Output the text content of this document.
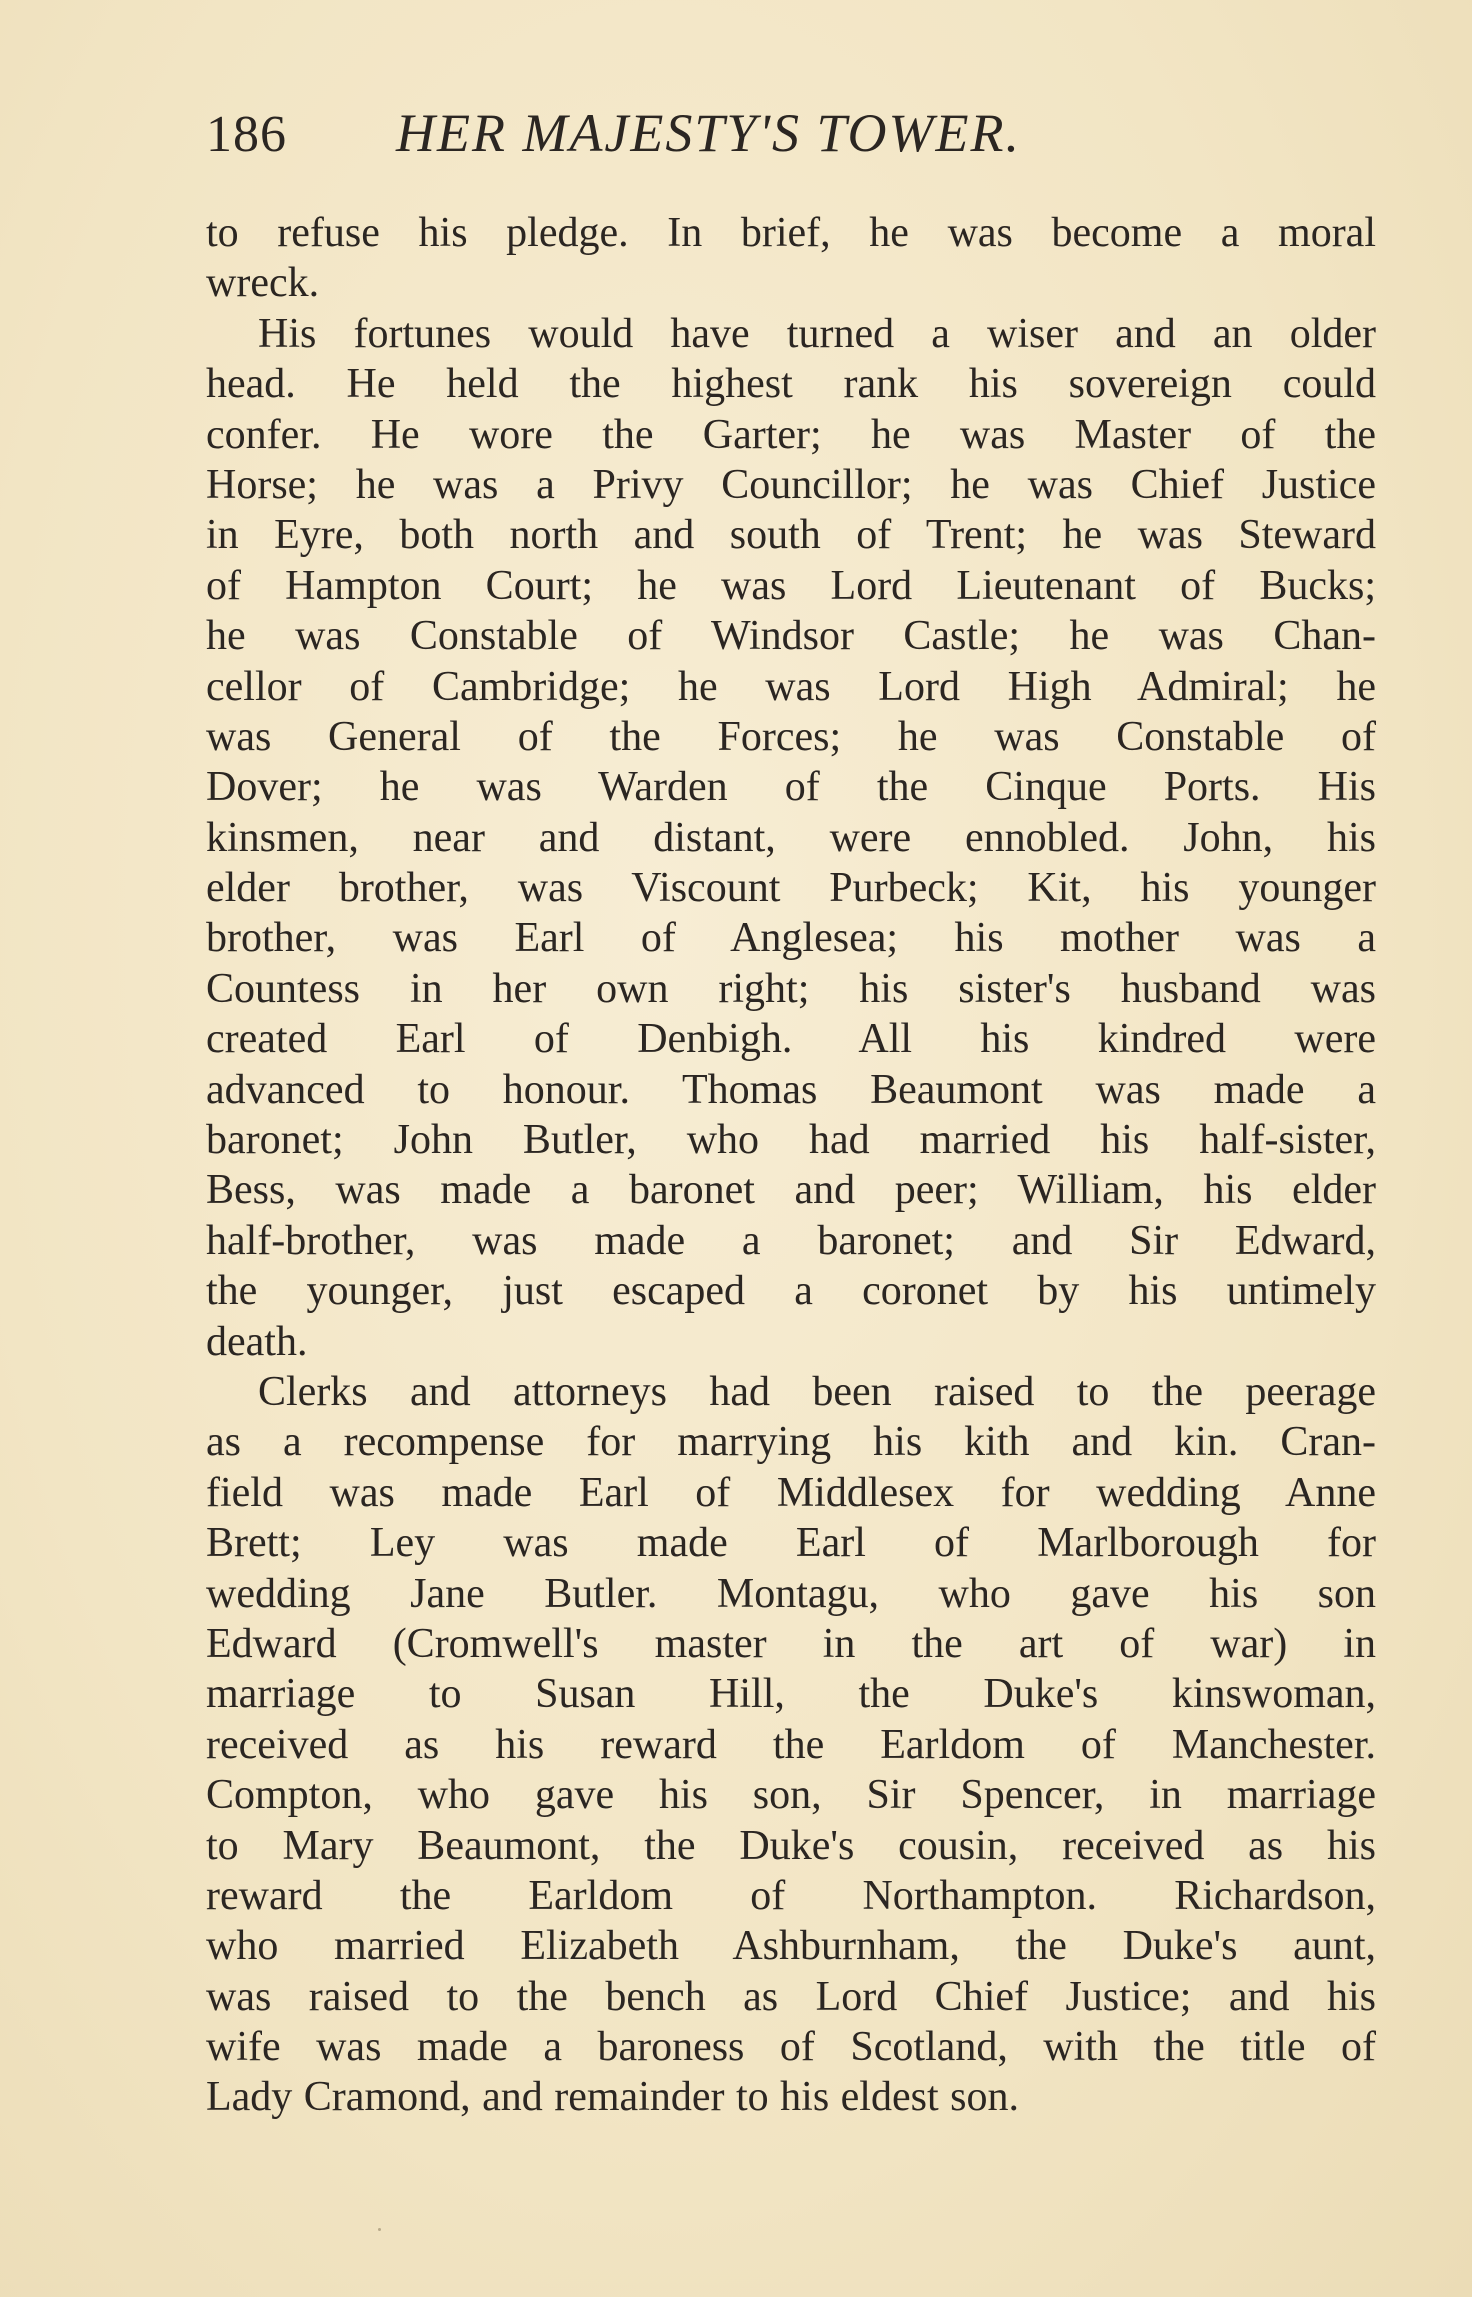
186 HER MAJESTY'S TOWER.
to refuse his pledge. In brief, he was become a moral
wreck.
His fortunes would have turned a wiser and an older
head. He held the highest rank his sovereign could
confer. He wore the Garter; he was Master of the
Horse; he was a Privy Councillor; he was Chief Justice
in Eyre, both north and south of Trent; he was Steward
of Hampton Court; he was Lord Lieutenant of Bucks;
he was Constable of Windsor Castle; he was Chan-
cellor of Cambridge; he was Lord High Admiral; he
was General of the Forces; he was Constable of
Dover; he was Warden of the Cinque Ports. His
kinsmen, near and distant, were ennobled. John, his
elder brother, was Viscount Purbeck; Kit, his younger
brother, was Earl of Anglesea; his mother was a
Countess in her own right; his sister's husband was
created Earl of Denbigh. All his kindred were
advanced to honour. Thomas Beaumont was made a
baronet; John Butler, who had married his half-sister,
Bess, was made a baronet and peer; William, his elder
half-brother, was made a baronet; and Sir Edward,
the younger, just escaped a coronet by his untimely
death.
Clerks and attorneys had been raised to the peerage
as a recompense for marrying his kith and kin. Cran-
field was made Earl of Middlesex for wedding Anne
Brett; Ley was made Earl of Marlborough for
wedding Jane Butler. Montagu, who gave his son
Edward (Cromwell's master in the art of war) in
marriage to Susan Hill, the Duke's kinswoman,
received as his reward the Earldom of Manchester.
Compton, who gave his son, Sir Spencer, in marriage
to Mary Beaumont, the Duke's cousin, received as his
reward the Earldom of Northampton. Richardson,
who married Elizabeth Ashburnham, the Duke's aunt,
was raised to the bench as Lord Chief Justice; and his
wife was made a baroness of Scotland, with the title of
Lady Cramond, and remainder to his eldest son.
